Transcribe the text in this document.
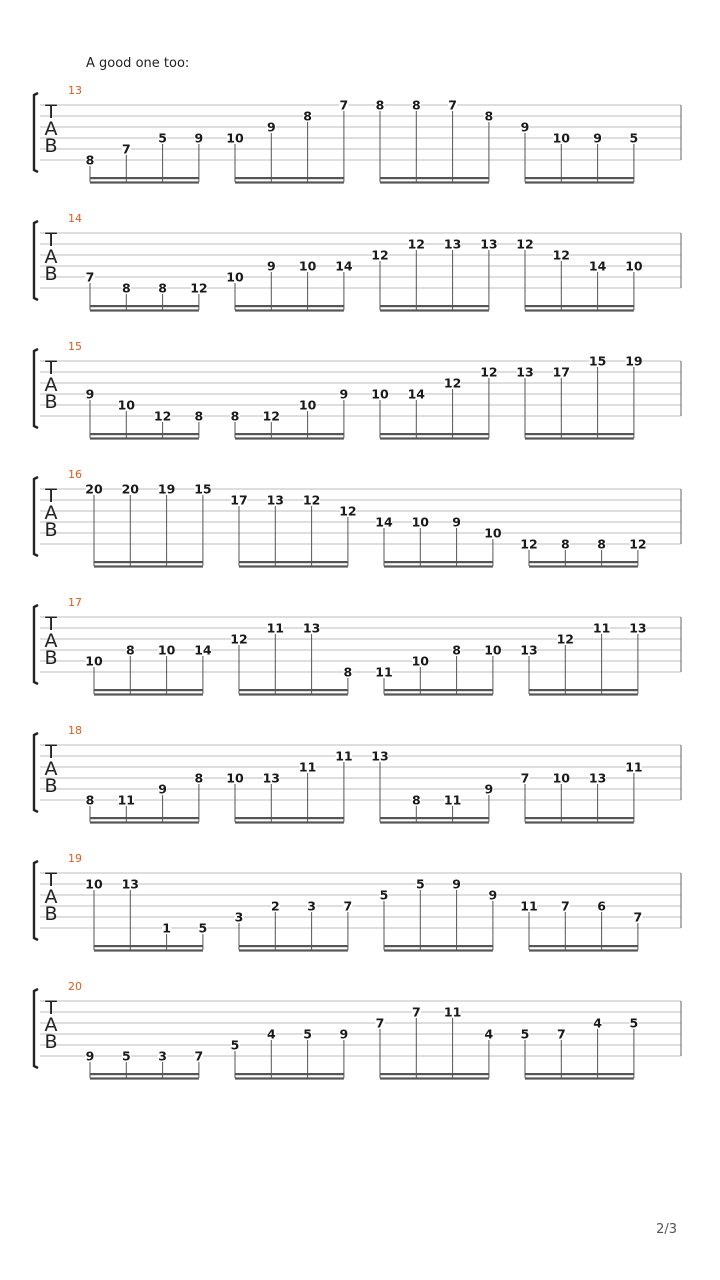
A good one too:
T
A
B
13
8
7
5 9 10
9
8
7 8 8 7
8
9
10 9 5
T
A
B
14
7
8 8 12
10
9 10 14
12
12 13 13 12
12
14 10
T
A
B
15
9
10
12 8 8 12
10
9 10 14
12
12 13 17
15 19
T
A
B
16
20 20 19 15
17 13 12
12
14 10 9
10
12 8 8 12
T
A
B
17
10
8 10 14
12
11 13
8 11
10
8 10 13
12
11 13
T
A
B
18
8 11
9
8 10 13
11
11 13
8 11
9
7 10 13
11
T
A
B
19
10 13
1 5
3
2 3 7
5
5 9
9
11 7 6
7
T
A
B
20
9 5 3 7
5
4 5 9
7
7 11
4 5 7
4 5
2/3
